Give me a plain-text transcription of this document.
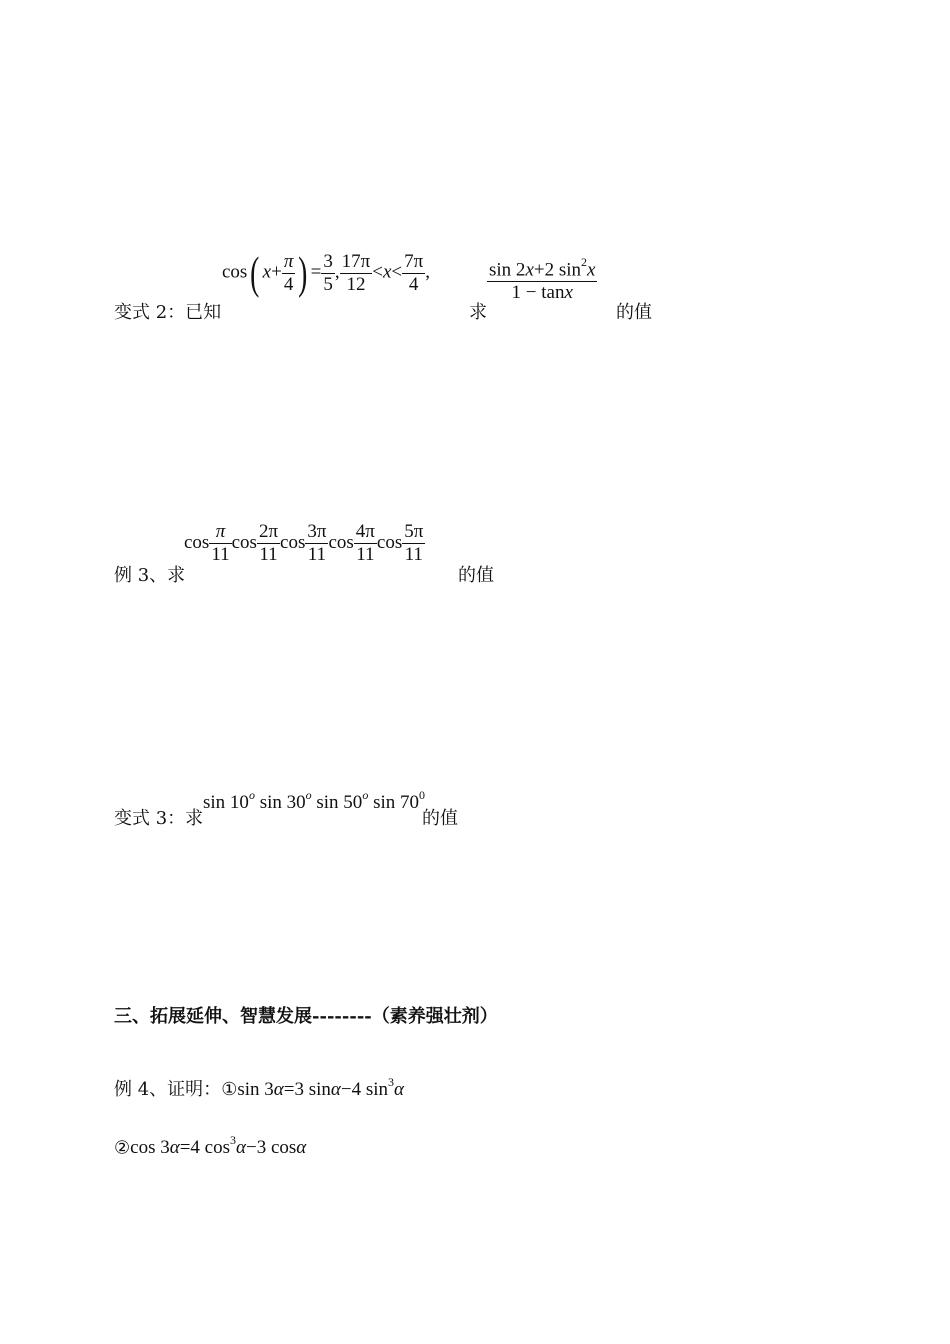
变式 2：已知
cos( $x+ \frac{\pi}{4}$ ) = $\frac{3}{5}$ , $\frac{17\pi}{12} <x< \frac{7\pi}{4}$ ,
求
$\frac{\sin 2x+2 \sin^2x}{1 - \tan x}$
的值
例 3、求
$\cos \frac{\pi}{11}$ $\cos \frac{2\pi}{11}$ $\cos \frac{3\pi}{11}$ $\cos \frac{4\pi}{11}$ $\cos \frac{5\pi}{11}$
的值
变式 3：求
sin 10$^o$ sin 30$^o$ sin 50$^o$ $\sin 70^0$
的值
三、拓展延伸、智慧发展--------（素养强壮剂）
例 4、证明：①sin 3α=3 sinα−4 $\sin^3\alpha$
②cos 3α=4 $\cos^3\alpha-3$ cosα
